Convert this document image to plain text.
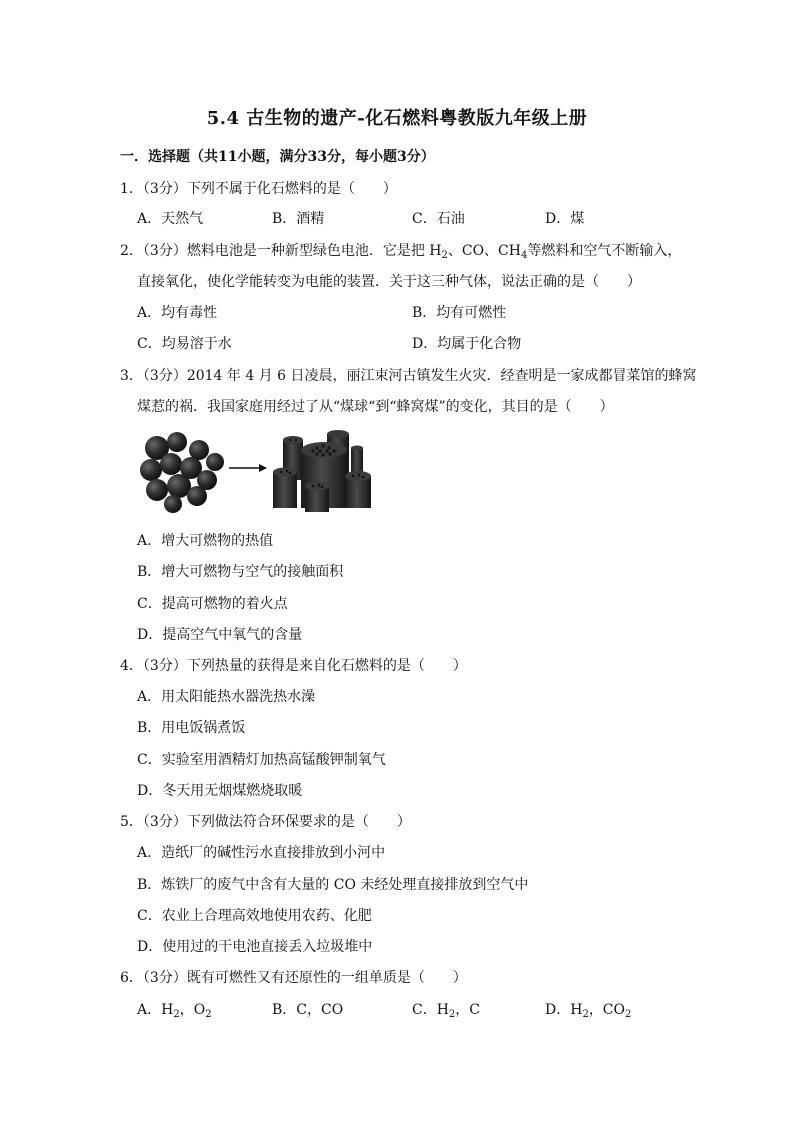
5.4 古生物的遗产-化石燃料粤教版九年级上册
一．选择题（共11小题，满分33分，每小题3分）
1．（3分）下列不属于化石燃料的是（　　）
A．天然气	B．酒精	C．石油	D．煤
2．（3分）燃料电池是一种新型绿色电池．它是把 $H_2$、CO、$CH_4$等燃料和空气不断输入，
直接氧化，使化学能转变为电能的装置．关于这三种气体，说法正确的是（　　）
A．均有毒性	B．均有可燃性
C．均易溶于水	D．均属于化合物
3．（3分）2014 年 4 月 6 日凌晨，丽江束河古镇发生火灾．经查明是一家成都冒菜馆的蜂窝
煤惹的祸．我国家庭用经过了从“煤球“到“蜂窝煤”的变化，其目的是（　　）
A．增大可燃物的热值
B．增大可燃物与空气的接触面积
C．提高可燃物的着火点
D．提高空气中氧气的含量
4．（3分）下列热量的获得是来自化石燃料的是（　　）
A．用太阳能热水器洗热水澡
B．用电饭锅煮饭
C．实验室用酒精灯加热高锰酸钾制氧气
D．冬天用无烟煤燃烧取暖
5．（3分）下列做法符合环保要求的是（　　）
A．造纸厂的碱性污水直接排放到小河中
B．炼铁厂的废气中含有大量的 CO 未经处理直接排放到空气中
C．农业上合理高效地使用农药、化肥
D．使用过的干电池直接丢入垃圾堆中
6．（3分）既有可燃性又有还原性的一组单质是（　　）
A．$H_2$，$O_2$	B．C，CO	C．$H_2$，C	D．$H_2$，$CO_2$
